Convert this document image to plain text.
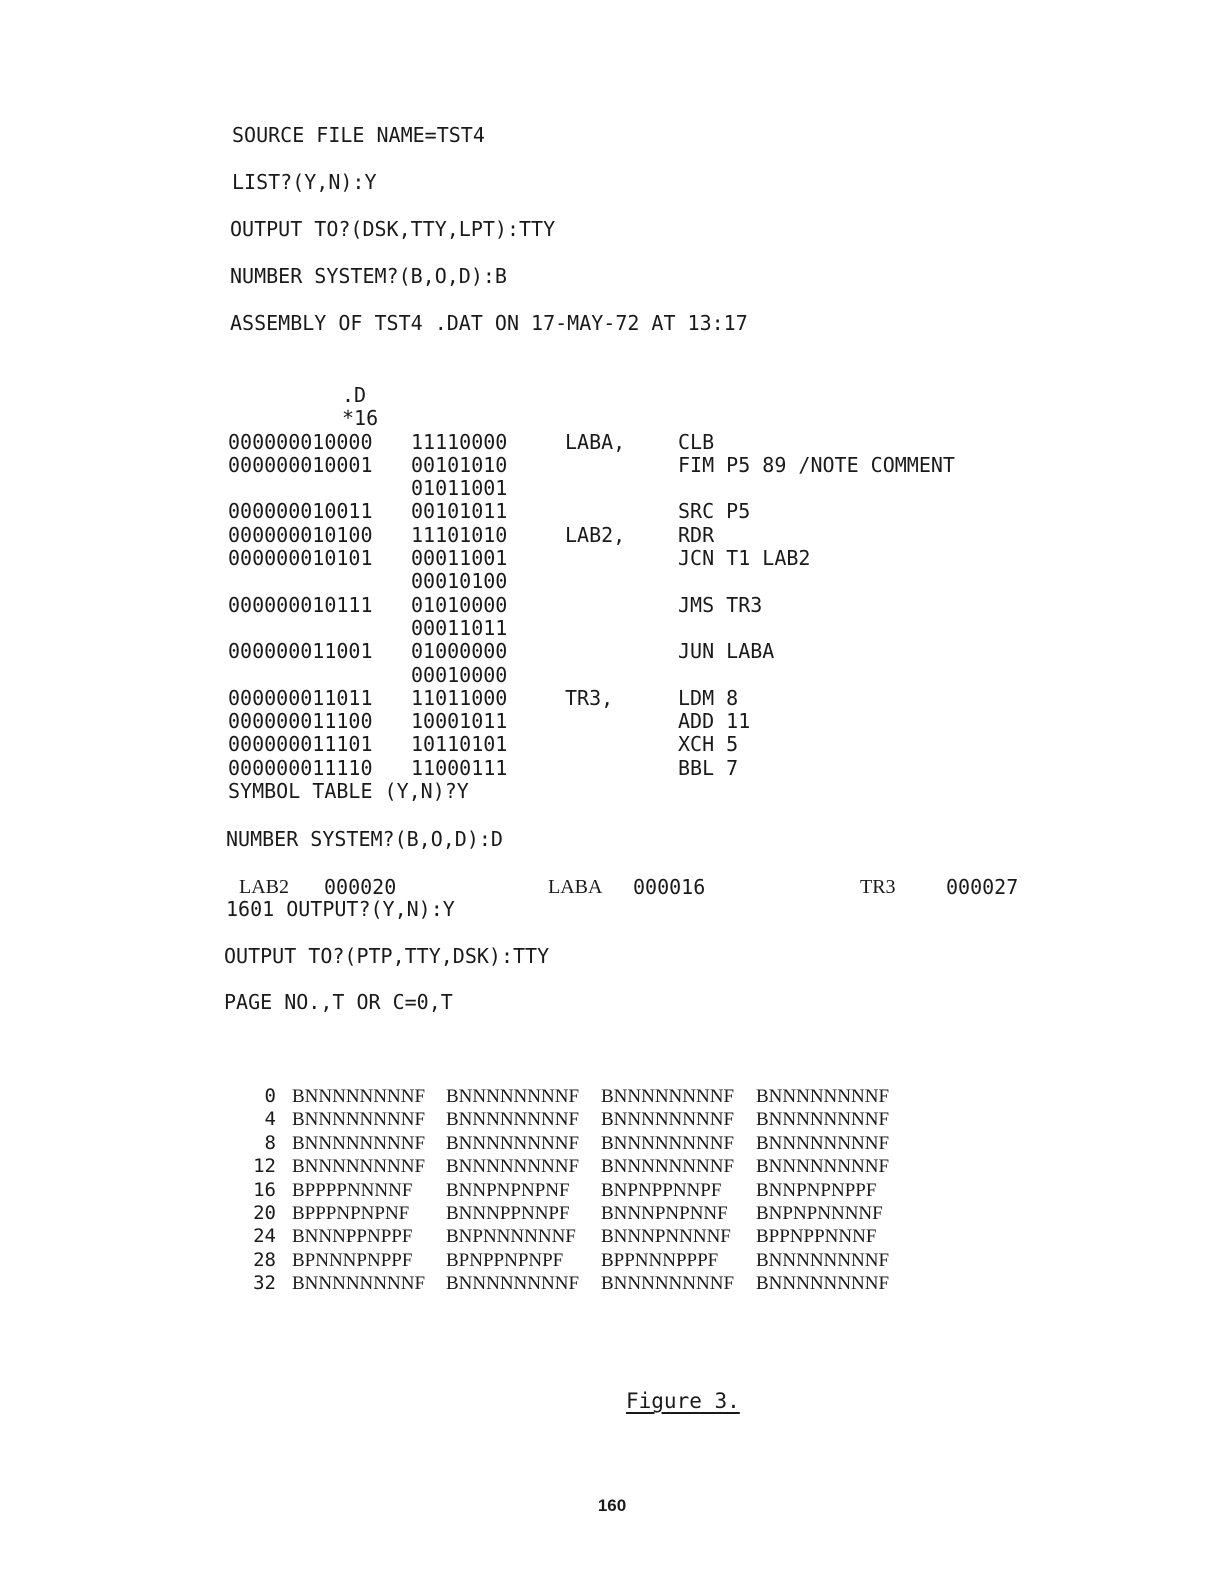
SOURCE FILE NAME=TST4
LIST?(Y,N):Y
OUTPUT TO?(DSK,TTY,LPT):TTY
NUMBER SYSTEM?(B,O,D):B
ASSEMBLY OF TST4 .DAT ON 17-MAY-72 AT 13:17
.D
*16
000000010000 11110000	LABA,	CLB
000000010001 00101010	FIM P5 89 /NOTE COMMENT
01011001
000000010011 00101011	SRC P5
000000010100 11101010	LAB2,	RDR
000000010101 00011001	JCN T1 LAB2
00010100
000000010111 01010000	JMS TR3
00011011
000000011001 01000000	JUN LABA
00010000
000000011011 11011000	TR3,	LDM 8
000000011100 10001011	ADD 11
000000011101 10110101	XCH 5
000000011110 11000111	BBL 7
SYMBOL TABLE (Y,N)?Y
NUMBER SYSTEM?(B,O,D):D
LAB2 000020	LABA 000016	TR3	000027
1601 OUTPUT?(Y,N):Y
OUTPUT TO?(PTP,TTY,DSK):TTY
PAGE NO.,T OR C=0,T
0 BNNNNNNNNF BNNNNNNNNF BNNNNNNNNF BNNNNNNNNF
4 BNNNNNNNNF BNNNNNNNNF BNNNNNNNNF BNNNNNNNNF
8 BNNNNNNNNF BNNNNNNNNF BNNNNNNNNF BNNNNNNNNF
12 BNNNNNNNNF BNNNNNNNNF BNNNNNNNNF BNNNNNNNNF
16 BPPPPNNNNF BNNPNPNPNF BNPNPPNNPF BNNPNPNPPF
20 BPPPNPNPNF BNNNPPNNPF BNNNPNPNNF BNPNPNNNNF
24 BNNNPPNPPF BNPNNNNNNF BNNNPNNNNF BPPNPPNNNF
28 BPNNNPNPPF BPNPPNPNPF BPPNNNPPPF BNNNNNNNNF
32 BNNNNNNNNF BNNNNNNNNF BNNNNNNNNF BNNNNNNNNF
Figure 3.
160
